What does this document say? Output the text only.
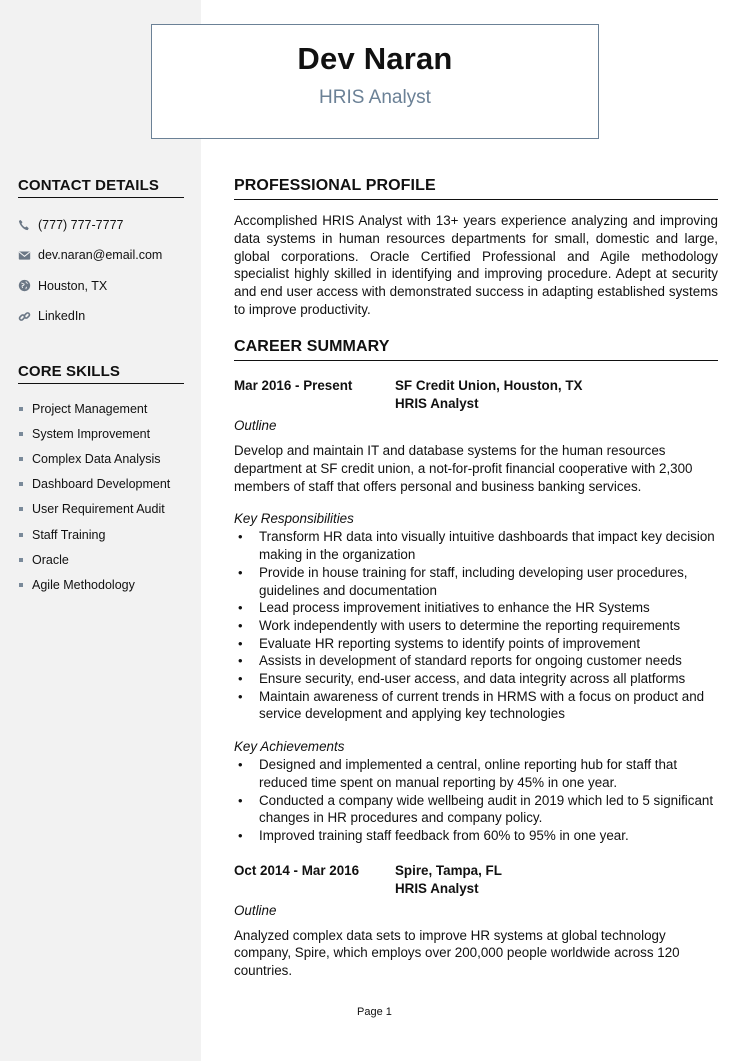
Dev Naran
HRIS Analyst
CONTACT DETAILS
(777) 777-7777
dev.naran@email.com
Houston, TX
LinkedIn
CORE SKILLS
Project Management
System Improvement
Complex Data Analysis
Dashboard Development
User Requirement Audit
Staff Training
Oracle
Agile Methodology
PROFESSIONAL PROFILE

Accomplished HRIS Analyst with 13+ years experience analyzing and improving data systems in human resources departments for small, domestic and large, global corporations. Oracle Certified Professional and Agile methodology specialist highly skilled in identifying and improving procedure. Adept at security and end user access with demonstrated success in adapting established systems to improve productivity.

CAREER SUMMARY
Mar 2016 - Present	SF Credit Union, Houston, TX
HRIS Analyst
Outline

Develop and maintain IT and database systems for the human resources department at SF credit union, a not-for-profit financial cooperative with 2,300 members of staff that offers personal and business banking services.

Key Responsibilities
• Transform HR data into visually intuitive dashboards that impact key decision making in the organization
• Provide in house training for staff, including developing user procedures, guidelines and documentation
• Lead process improvement initiatives to enhance the HR Systems
• Work independently with users to determine the reporting requirements
• Evaluate HR reporting systems to identify points of improvement
• Assists in development of standard reports for ongoing customer needs
• Ensure security, end-user access, and data integrity across all platforms
• Maintain awareness of current trends in HRMS with a focus on product and service development and applying key technologies
Key Achievements
• Designed and implemented a central, online reporting hub for staff that reduced time spent on manual reporting by 45% in one year.
• Conducted a company wide wellbeing audit in 2019 which led to 5 significant changes in HR procedures and company policy.
• Improved training staff feedback from 60% to 95% in one year.
Oct 2014 - Mar 2016	Spire, Tampa, FL
HRIS Analyst
Outline

Analyzed complex data sets to improve HR systems at global technology company, Spire, which employs over 200,000 people worldwide across 120 countries.

Page 1
